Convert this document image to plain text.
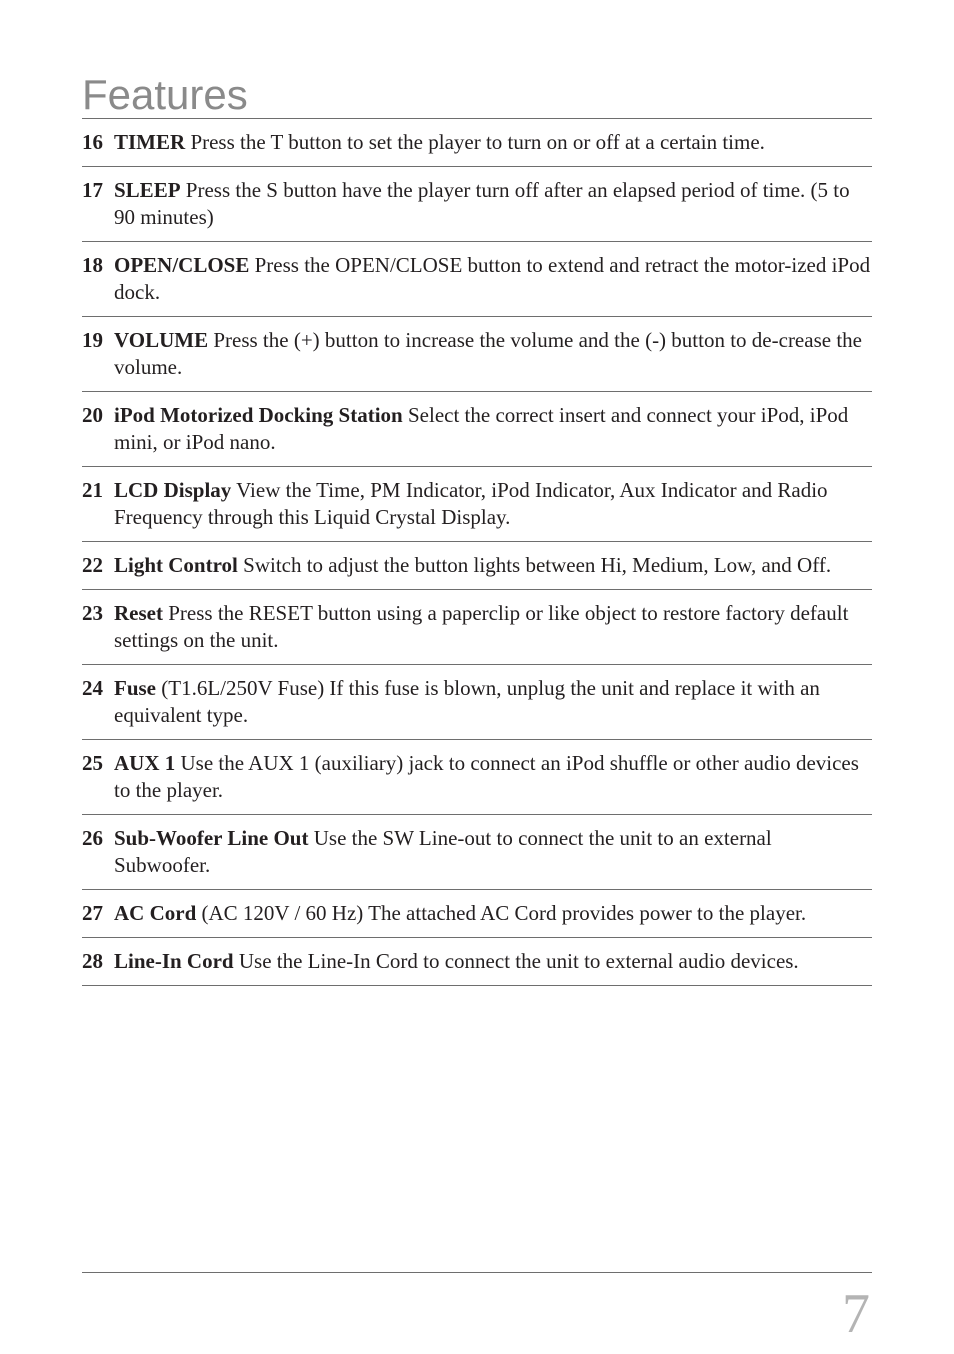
Features
16 TIMER Press the T button to set the player to turn on or off at a certain time.
17 SLEEP Press the S button have the player turn off after an elapsed period of time. (5 to 90 minutes)
18 OPEN/CLOSE Press the OPEN/CLOSE button to extend and retract the motor-ized iPod dock.
19 VOLUME Press the (+) button to increase the volume and the (-) button to de-crease the volume.
20 iPod Motorized Docking Station Select the correct insert and connect your iPod, iPod mini, or iPod nano.
21 LCD Display View the Time, PM Indicator, iPod Indicator, Aux Indicator and Radio Frequency through this Liquid Crystal Display.
22 Light Control Switch to adjust the button lights between Hi, Medium, Low, and Off.
23 Reset Press the RESET button using a paperclip or like object to restore factory default settings on the unit.
24 Fuse (T1.6L/250V Fuse) If this fuse is blown, unplug the unit and replace it with an equivalent type.
25 AUX 1 Use the AUX 1 (auxiliary) jack to connect an iPod shuffle or other audio devices to the player.
26 Sub-Woofer Line Out Use the SW Line-out to connect the unit to an external Subwoofer.
27 AC Cord (AC 120V / 60 Hz) The attached AC Cord provides power to the player.
28 Line-In Cord Use the Line-In Cord to connect the unit to external audio devices.
7
